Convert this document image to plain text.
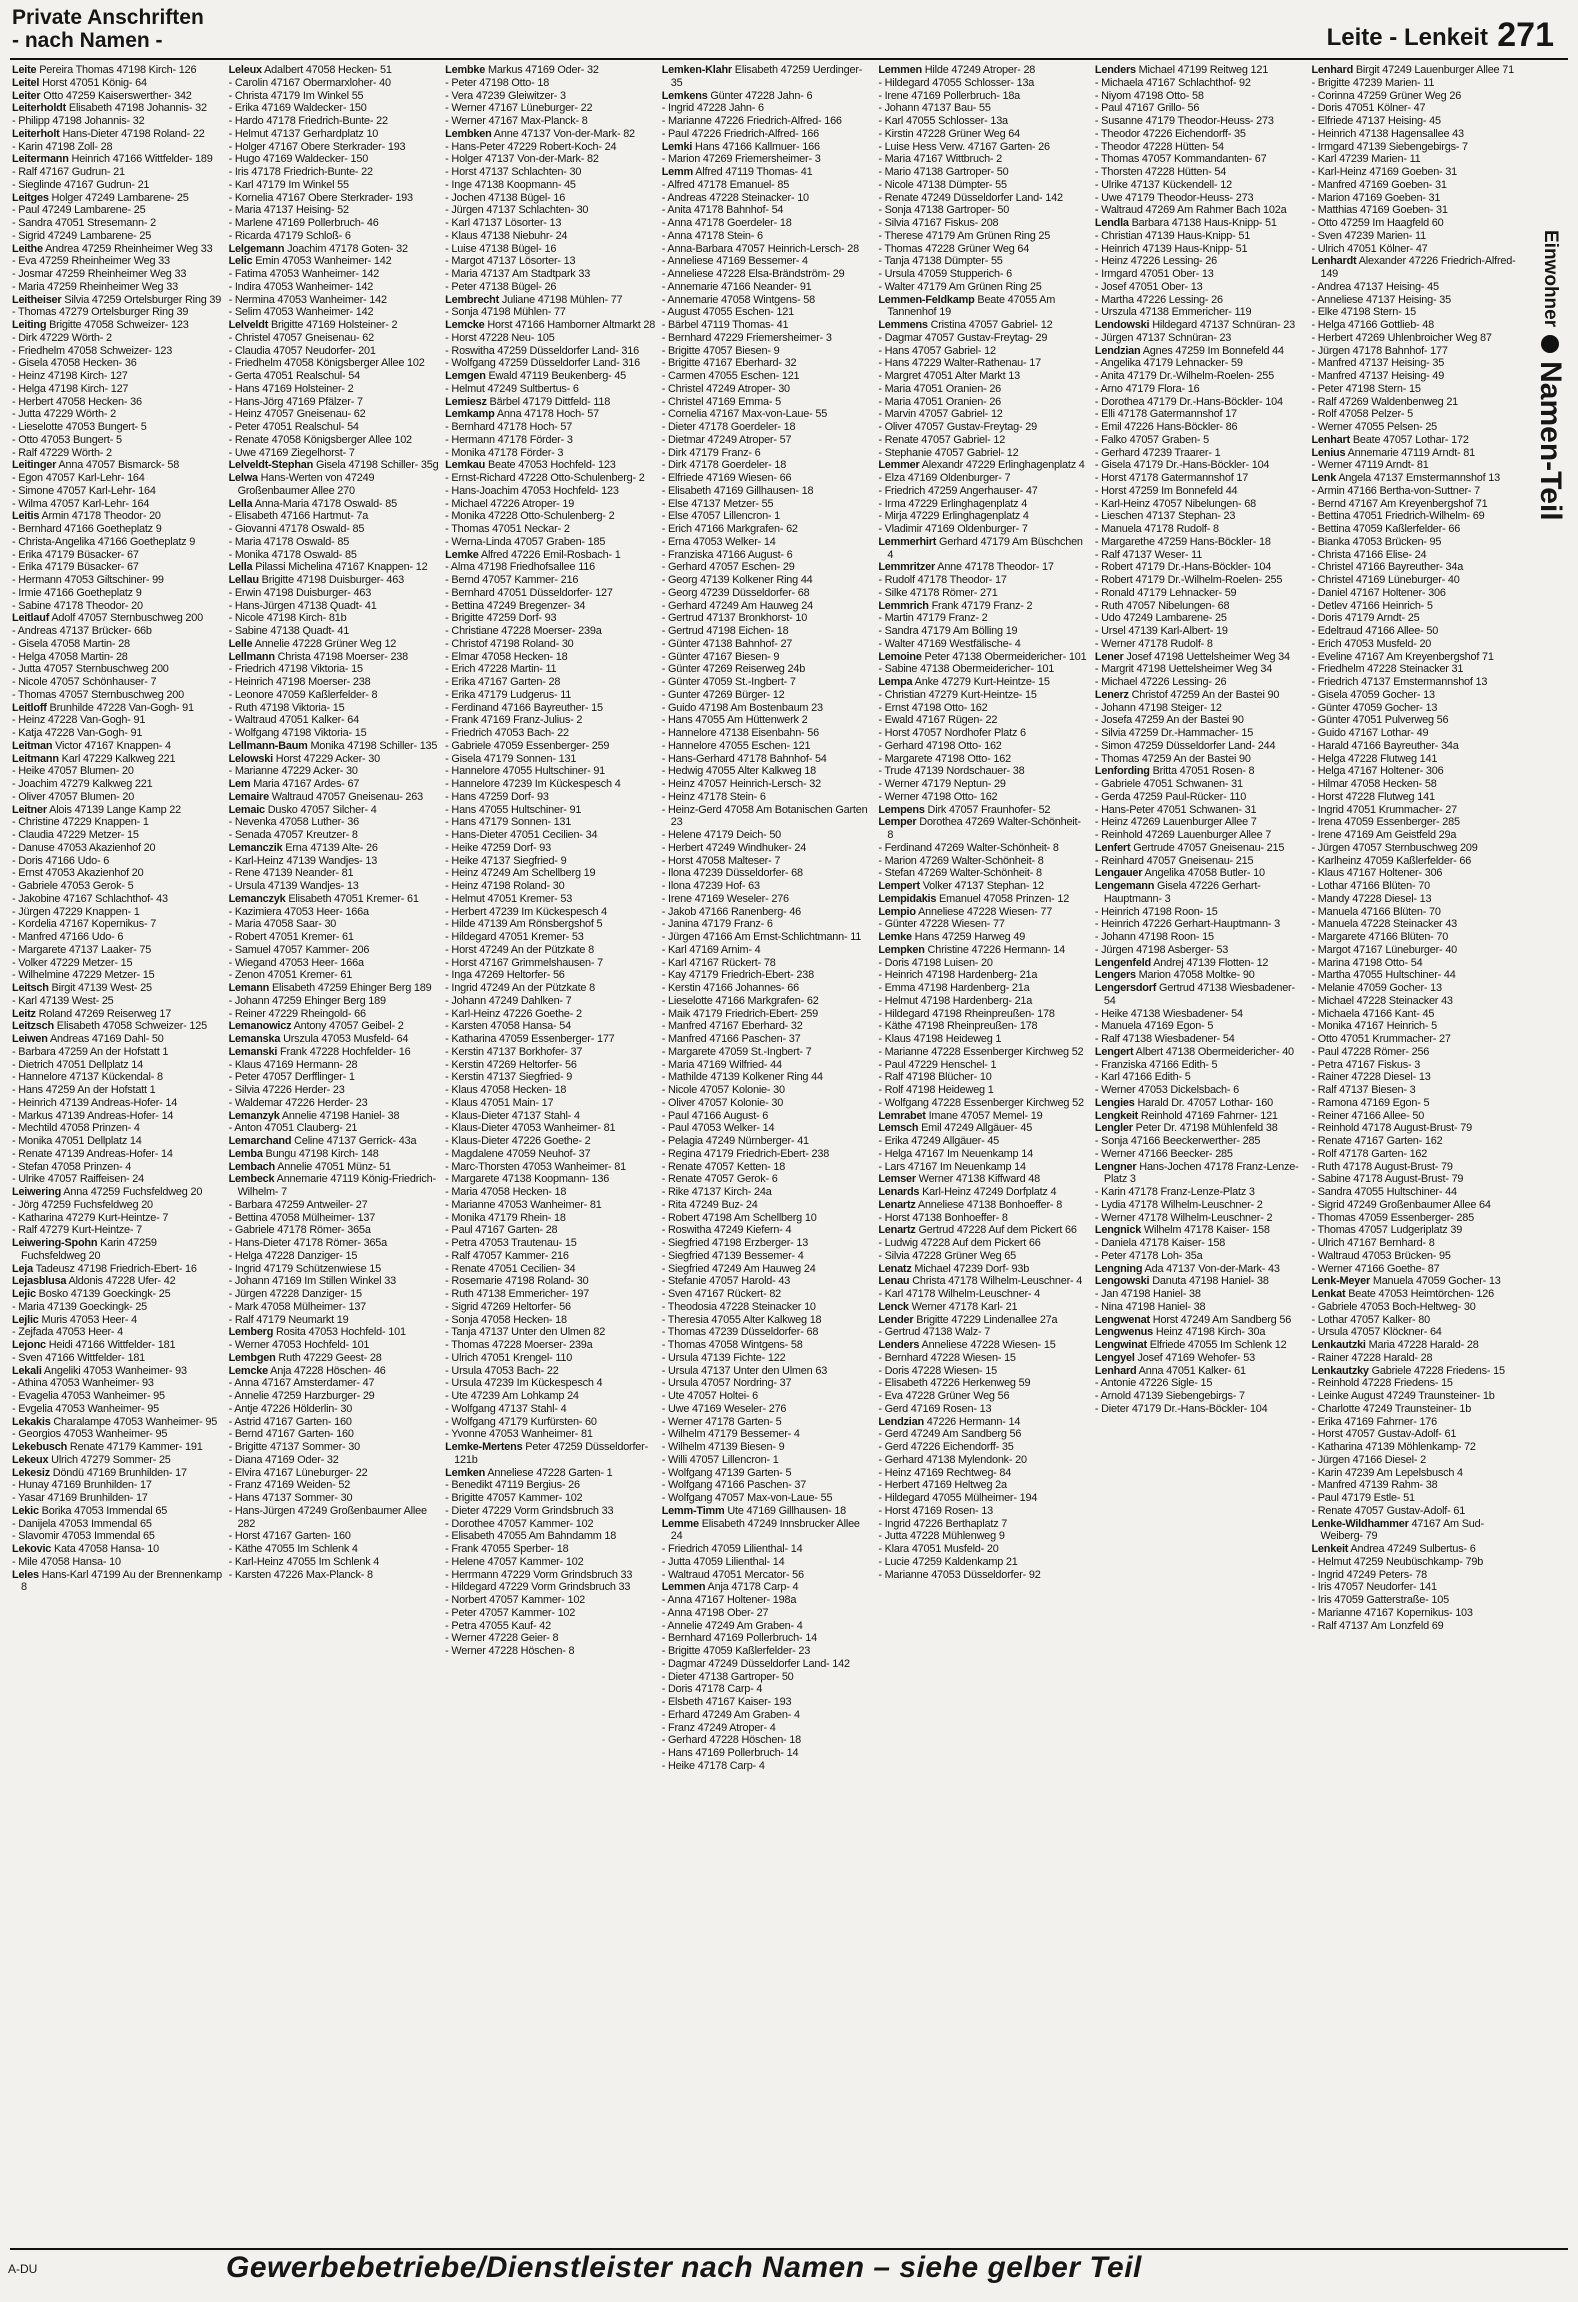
Private Anschriften
- nach Namen -	Leite - Lenkeit 271

Leite Pereira Thomas 47198 Kirch- 126

Leitel Horst 47051 König- 64

Leiter Otto 47259 Kaiserswerther- 342

Leiterholdt Elisabeth 47198 Johannis- 32

- Philipp 47198 Johannis- 32

Leiterholt Hans-Dieter 47198 Roland- 22

- Karin 47198 Zoll- 28

Leitermann Heinrich 47166 Wittfelder- 189

- Ralf 47167 Gudrun- 21

- Sieglinde 47167 Gudrun- 21

Leitges Holger 47249 Lambarene- 25

- Paul 47249 Lambarene- 25

- Sandra 47051 Stresemann- 2

- Sigrid 47249 Lambarene- 25

Leithe Andrea 47259 Rheinheimer Weg 33

- Eva 47259 Rheinheimer Weg 33

- Josmar 47259 Rheinheimer Weg 33

- Maria 47259 Rheinheimer Weg 33

Leitheiser Silvia 47259 Ortelsburger Ring 39

- Thomas 47279 Ortelsburger Ring 39

Leiting Brigitte 47058 Schweizer- 123

- Dirk 47229 Wörth- 2

- Friedhelm 47058 Schweizer- 123

- Gisela 47058 Hecken- 36

- Heinz 47198 Kirch- 127

- Helga 47198 Kirch- 127

- Herbert 47058 Hecken- 36

- Jutta 47229 Wörth- 2

- Lieselotte 47053 Bungert- 5

- Otto 47053 Bungert- 5

- Ralf 47229 Wörth- 2

Leitinger Anna 47057 Bismarck- 58

- Egon 47057 Karl-Lehr- 164

- Simone 47057 Karl-Lehr- 164

- Wilma 47057 Karl-Lehr- 164

Leitis Armin 47178 Theodor- 20

- Bernhard 47166 Goetheplatz 9

- Christa-Angelika 47166 Goetheplatz 9

- Erika 47179 Büsacker- 67

- Erika 47179 Büsacker- 67

- Hermann 47053 Giltschiner- 99

- Irmie 47166 Goetheplatz 9

- Sabine 47178 Theodor- 20

Leitlauf Adolf 47057 Sternbuschweg 200

- Andreas 47137 Brücker- 66b

- Gisela 47058 Martin- 28

- Helga 47058 Martin- 28

- Jutta 47057 Sternbuschweg 200

- Nicole 47057 Schönhauser- 7

- Thomas 47057 Sternbuschweg 200

Leitloff Brunhilde 47228 Van-Gogh- 91

- Heinz 47228 Van-Gogh- 91

- Katja 47228 Van-Gogh- 91

Leitman Victor 47167 Knappen- 4

Leitmann Karl 47229 Kalkweg 221

- Heike 47057 Blumen- 20

- Joachim 47279 Kalkweg 221

- Oliver 47057 Blumen- 20

Leitner Alois 47139 Lange Kamp 22

- Christine 47229 Knappen- 1

- Claudia 47229 Metzer- 15

- Danuse 47053 Akazienhof 20

- Doris 47166 Udo- 6

- Ernst 47053 Akazienhof 20

- Gabriele 47053 Gerok- 5

- Jakobine 47167 Schlachthof- 43

- Jürgen 47229 Knappen- 1

- Kordelia 47167 Kopernikus- 7

- Manfred 47166 Udo- 6

- Margarete 47137 Laaker- 75

- Volker 47229 Metzer- 15

- Wilhelmine 47229 Metzer- 15

Leitsch Birgit 47139 West- 25

- Karl 47139 West- 25

Leitz Roland 47269 Reiserweg 17

Leitzsch Elisabeth 47058 Schweizer- 125

Leiwen Andreas 47169 Dahl- 50

- Barbara 47259 An der Hofstatt 1

- Dietrich 47051 Dellplatz 14

- Hannelore 47137 Kückendal- 8

- Hans 47259 An der Hofstatt 1

- Heinrich 47139 Andreas-Hofer- 14

- Markus 47139 Andreas-Hofer- 14

- Mechtild 47058 Prinzen- 4

- Monika 47051 Dellplatz 14

- Renate 47139 Andreas-Hofer- 14

- Stefan 47058 Prinzen- 4

- Ulrike 47057 Raiffeisen- 24

Leiwering Anna 47259 Fuchsfeldweg 20

- Jörg 47259 Fuchsfeldweg 20

- Katharina 47279 Kurt-Heintze- 7

- Ralf 47279 Kurt-Heintze- 7

Leiwering-Spohn Karin 47259 Fuchsfeldweg 20

Leja Tadeusz 47198 Friedrich-Ebert- 16

Lejasblusa Aldonis 47228 Ufer- 42

Lejic Bosko 47139 Goeckingk- 25

- Maria 47139 Goeckingk- 25

Lejlic Muris 47053 Heer- 4

- Zejfada 47053 Heer- 4

Lejonc Heidi 47166 Wittfelder- 181

- Sven 47166 Wittfelder- 181

Lekali Angeliki 47053 Wanheimer- 93

- Athina 47053 Wanheimer- 93

- Evagelia 47053 Wanheimer- 95

- Evgelia 47053 Wanheimer- 95

Lekakis Charalampe 47053 Wanheimer- 95

- Georgios 47053 Wanheimer- 95

Lekebusch Renate 47179 Kammer- 191

Lekeux Ulrich 47279 Sommer- 25

Lekesiz Döndü 47169 Brunhilden- 17

- Hunay 47169 Brunhilden- 17

- Yasar 47169 Brunhilden- 17

Lekic Borika 47053 Immendal 65

- Danijela 47053 Immendal 65

- Slavomir 47053 Immendal 65

Lekovic Kata 47058 Hansa- 10

- Mile 47058 Hansa- 10

Leles Hans-Karl 47199 Au der Brennenkamp 8

Leleux Adalbert 47058 Hecken- 51

- Carolin 47167 Obermarxloher- 40

- Christa 47179 Im Winkel 55

- Erika 47169 Waldecker- 150

- Hardo 47178 Friedrich-Bunte- 22

- Helmut 47137 Gerhardplatz 10

- Holger 47167 Obere Sterkrader- 193

- Hugo 47169 Waldecker- 150

- Iris 47178 Friedrich-Bunte- 22

- Karl 47179 Im Winkel 55

- Kornelia 47167 Obere Sterkrader- 193

- Maria 47137 Heising- 52

- Marlene 47169 Pollerbruch- 46

- Ricarda 47179 Schloß- 6

Lelgemann Joachim 47178 Goten- 32

Lelic Emin 47053 Wanheimer- 142

- Fatima 47053 Wanheimer- 142

- Indira 47053 Wanheimer- 142

- Nermina 47053 Wanheimer- 142

- Selim 47053 Wanheimer- 142

Lelveldt Brigitte 47169 Holsteiner- 2

- Christel 47057 Gneisenau- 62

- Claudia 47057 Neudorfer- 201

- Friedhelm 47058 Königsberger Allee 102

- Gerta 47051 Realschul- 54

- Hans 47169 Holsteiner- 2

- Hans-Jörg 47169 Pfälzer- 7

- Heinz 47057 Gneisenau- 62

- Peter 47051 Realschul- 54

- Renate 47058 Königsberger Allee 102

- Uwe 47169 Ziegelhorst- 7

Lelveldt-Stephan Gisela 47198 Schiller- 35g

Lelwa Hans-Werten von 47249 Großenbaumer Allee 270

Lella Anna-Maria 47178 Oswald- 85

- Elisabeth 47166 Hartmut- 7a

- Giovanni 47178 Oswald- 85

- Maria 47178 Oswald- 85

- Monika 47178 Oswald- 85

Lella Pilassi Michelina 47167 Knappen- 12

Lellau Brigitte 47198 Duisburger- 463

- Erwin 47198 Duisburger- 463

- Hans-Jürgen 47138 Quadt- 41

- Nicole 47198 Kirch- 81b

- Sabine 47138 Quadt- 41

Lelle Annelie 47228 Grüner Weg 12

Lellmann Christa 47198 Moerser- 238

- Friedrich 47198 Viktoria- 15

- Heinrich 47198 Moerser- 238

- Leonore 47059 Kaßlerfelder- 8

- Ruth 47198 Viktoria- 15

- Waltraud 47051 Kalker- 64

- Wolfgang 47198 Viktoria- 15

Lellmann-Baum Monika 47198 Schiller- 135

Lelowski Horst 47229 Acker- 30

- Marianne 47229 Acker- 30

Lem Maria 47167 Ardes- 67

Lemaire Waltraud 47057 Gneisenau- 263

Lemaic Dusko 47057 Silcher- 4

- Nevenka 47058 Luther- 36

- Senada 47057 Kreutzer- 8

Lemanczik Erna 47139 Alte- 26

- Karl-Heinz 47139 Wandjes- 13

- Rene 47139 Neander- 81

- Ursula 47139 Wandjes- 13

Lemanczyk Elisabeth 47051 Kremer- 61

- Kazimiera 47053 Heer- 166a

- Maria 47058 Saar- 30

- Robert 47051 Kremer- 61

- Samuel 47057 Kammer- 206

- Wiegand 47053 Heer- 166a

- Zenon 47051 Kremer- 61

Lemann Elisabeth 47259 Ehinger Berg 189

- Johann 47259 Ehinger Berg 189

- Reiner 47229 Rheingold- 66

Lemanowicz Antony 47057 Geibel- 2

Lemanska Urszula 47053 Musfeld- 64

Lemanski Frank 47228 Hochfelder- 16

- Klaus 47169 Hermann- 28

- Peter 47057 Derfflinger- 1

- Silvia 47226 Herder- 23

- Waldemar 47226 Herder- 23

Lemanzyk Annelie 47198 Haniel- 38

- Anton 47051 Clauberg- 21

Lemarchand Celine 47137 Gerrick- 43a

Lemba Bungu 47198 Kirch- 148

Lembach Annelie 47051 Münz- 51

Lembeck Annemarie 47119 König-Friedrich-Wilhelm- 7

- Barbara 47259 Antweiler- 27

- Bettina 47058 Mülheimer- 137

- Gabriele 47178 Römer- 365a

- Hans-Dieter 47178 Römer- 365a

- Helga 47228 Danziger- 15

- Ingrid 47179 Schützenwiese 15

- Johann 47169 Im Stillen Winkel 33

- Jürgen 47228 Danziger- 15

- Mark 47058 Mülheimer- 137

- Ralf 47179 Neumarkt 19

Lemberg Rosita 47053 Hochfeld- 101

- Werner 47053 Hochfeld- 101

Lembgen Ruth 47229 Geest- 28

Lemcke Anja 47228 Höschen- 46

- Anna 47167 Amsterdamer- 47

- Annelie 47259 Harzburger- 29

- Antje 47226 Hölderlin- 30

- Astrid 47167 Garten- 160

- Bernd 47167 Garten- 160

- Brigitte 47137 Sommer- 30

- Diana 47169 Oder- 32

- Elvira 47167 Lüneburger- 22

- Franz 47169 Weiden- 52

- Hans 47137 Sommer- 30

- Hans-Jürgen 47249 Großenbaumer Allee 282

- Horst 47167 Garten- 160

- Käthe 47055 Im Schlenk 4

- Karl-Heinz 47055 Im Schlenk 4

- Karsten 47226 Max-Planck- 8

Lembke Markus 47169 Oder- 32

- Peter 47198 Otto- 18

- Vera 47239 Gleiwitzer- 3

- Werner 47167 Lüneburger- 22

- Werner 47167 Max-Planck- 8

Lembken Anne 47137 Von-der-Mark- 82

- Hans-Peter 47229 Robert-Koch- 24

- Holger 47137 Von-der-Mark- 82

- Horst 47137 Schlachten- 30

- Inge 47138 Koopmann- 45

- Jochen 47138 Bügel- 16

- Jürgen 47137 Schlachten- 30

- Karl 47137 Lösorter- 13

- Klaus 47138 Niebuhr- 24

- Luise 47138 Bügel- 16

- Margot 47137 Lösorter- 13

- Maria 47137 Am Stadtpark 33

- Peter 47138 Bügel- 26

Lembrecht Juliane 47198 Mühlen- 77

- Sonja 47198 Mühlen- 77

Lemcke Horst 47166 Hamborner Altmarkt 28

- Horst 47228 Neu- 105

- Roswitha 47259 Düsseldorfer Land- 316

- Wolfgang 47259 Düsseldorfer Land- 316

Lemgen Ewald 47119 Beukenberg- 45

- Helmut 47249 Sultbertus- 6

Lemiesz Bärbel 47179 Dittfeld- 118

Lemkamp Anna 47178 Hoch- 57

- Bernhard 47178 Hoch- 57

- Hermann 47178 Förder- 3

- Monika 47178 Förder- 3

Lemkau Beate 47053 Hochfeld- 123

- Ernst-Richard 47228 Otto-Schulenberg- 2

- Hans-Joachim 47053 Hochfeld- 123

- Michael 47226 Atroper- 19

- Monika 47228 Otto-Schulenberg- 2

- Thomas 47051 Neckar- 2

- Werna-Linda 47057 Graben- 185

Lemke Alfred 47226 Emil-Rosbach- 1

- Alma 47198 Friedhofsallee 116

- Bernd 47057 Kammer- 216

- Bernhard 47051 Düsseldorfer- 127

- Bettina 47249 Bregenzer- 34

- Brigitte 47259 Dorf- 93

- Christiane 47228 Moerser- 239a

- Christof 47198 Roland- 30

- Elmar 47058 Hecken- 18

- Erich 47228 Martin- 11

- Erika 47167 Garten- 28

- Erika 47179 Ludgerus- 11

- Ferdinand 47166 Bayreuther- 15

- Frank 47169 Franz-Julius- 2

- Friedrich 47053 Bach- 22

- Gabriele 47059 Essenberger- 259

- Gisela 47179 Sonnen- 131

- Hannelore 47055 Hultschiner- 91

- Hannelore 47239 Im Kückespesch 4

- Hans 47259 Dorf- 93

- Hans 47055 Hultschiner- 91

- Hans 47179 Sonnen- 131

- Hans-Dieter 47051 Cecilien- 34

- Heike 47259 Dorf- 93

- Heike 47137 Siegfried- 9

- Heinz 47249 Am Schellberg 19

- Heinz 47198 Roland- 30

- Helmut 47051 Kremer- 53

- Herbert 47239 Im Kückespesch 4

- Hilde 47139 Am Rönsbergshof 5

- Hildegard 47051 Kremer- 53

- Horst 47249 An der Pützkate 8

- Horst 47167 Grimmelshausen- 7

- Inga 47269 Heltorfer- 56

- Ingrid 47249 An der Pützkate 8

- Johann 47249 Dahlken- 7

- Karl-Heinz 47226 Goethe- 2

- Karsten 47058 Hansa- 54

- Katharina 47059 Essenberger- 177

- Kerstin 47137 Borkhofer- 37

- Kerstin 47269 Heltorfer- 56

- Kerstin 47137 Siegfried- 9

- Klaus 47058 Hecken- 18

- Klaus 47051 Main- 17

- Klaus-Dieter 47137 Stahl- 4

- Klaus-Dieter 47053 Wanheimer- 81

- Klaus-Dieter 47226 Goethe- 2

- Magdalene 47059 Neuhof- 37

- Marc-Thorsten 47053 Wanheimer- 81

- Margarete 47138 Koopmann- 136

- Maria 47058 Hecken- 18

- Marianne 47053 Wanheimer- 81

- Monika 47179 Rhein- 18

- Paul 47167 Garten- 28

- Petra 47053 Trautenau- 15

- Ralf 47057 Kammer- 216

- Renate 47051 Cecilien- 34

- Rosemarie 47198 Roland- 30

- Ruth 47138 Emmericher- 197

- Sigrid 47269 Heltorfer- 56

- Sonja 47058 Hecken- 18

- Tanja 47137 Unter den Ulmen 82

- Thomas 47228 Moerser- 239a

- Ulrich 47051 Krengel- 110

- Ursula 47053 Bach- 22

- Ursula 47239 Im Kückespesch 4

- Ute 47239 Am Lohkamp 24

- Wolfgang 47137 Stahl- 4

- Wolfgang 47179 Kurfürsten- 60

- Yvonne 47053 Wanheimer- 81

Lemke-Mertens Peter 47259 Düsseldorfer- 121b

Lemken Anneliese 47228 Garten- 1

- Benedikt 47119 Bergius- 26

- Brigitte 47057 Kammer- 102

- Dieter 47229 Vorm Grindsbruch 33

- Dorothee 47057 Kammer- 102

- Elisabeth 47055 Am Bahndamm 18

- Frank 47055 Sperber- 18

- Helene 47057 Kammer- 102

- Herrmann 47229 Vorm Grindsbruch 33

- Hildegard 47229 Vorm Grindsbruch 33

- Norbert 47057 Kammer- 102

- Peter 47057 Kammer- 102

- Petra 47055 Kauf- 42

- Werner 47228 Geier- 8

- Werner 47228 Höschen- 8

Lemken-Klahr Elisabeth 47259 Uerdinger- 35

Lemkens Günter 47228 Jahn- 6

- Ingrid 47228 Jahn- 6

- Marianne 47226 Friedrich-Alfred- 166

- Paul 47226 Friedrich-Alfred- 166

Lemki Hans 47166 Kallmuer- 166

- Marion 47269 Friemersheimer- 3

Lemm Alfred 47119 Thomas- 41

- Alfred 47178 Emanuel- 85

- Andreas 47228 Steinacker- 10

- Anita 47178 Bahnhof- 54

- Anna 47178 Goerdeler- 18

- Anna 47178 Stein- 6

- Anna-Barbara 47057 Heinrich-Lersch- 28

- Anneliese 47169 Bessemer- 4

- Anneliese 47228 Elsa-Brändström- 29

- Annemarie 47166 Neander- 91

- Annemarie 47058 Wintgens- 58

- August 47055 Eschen- 121

- Bärbel 47119 Thomas- 41

- Bernhard 47229 Friemersheimer- 3

- Brigitte 47057 Biesen- 9

- Brigitte 47167 Eberhard- 32

- Carmen 47055 Eschen- 121

- Christel 47249 Atroper- 30

- Christel 47169 Emma- 5

- Cornelia 47167 Max-von-Laue- 55

- Dieter 47178 Goerdeler- 18

- Dietmar 47249 Atroper- 57

- Dirk 47179 Franz- 6

- Dirk 47178 Goerdeler- 18

- Elfriede 47169 Wiesen- 66

- Elisabeth 47169 Gillhausen- 18

- Else 47137 Metzer- 55

- Else 47057 Lillencron- 1

- Erich 47166 Markgrafen- 62

- Erna 47053 Welker- 14

- Franziska 47166 August- 6

- Gerhard 47057 Eschen- 29

- Georg 47139 Kolkener Ring 44

- Georg 47239 Düsseldorfer- 68

- Gerhard 47249 Am Hauweg 24

- Gertrud 47137 Bronkhorst- 10

- Gertrud 47198 Eichen- 18

- Günter 47138 Bahnhof- 27

- Günter 47167 Biesen- 9

- Günter 47269 Reiserweg 24b

- Günter 47059 St.-Ingbert- 7

- Gunter 47269 Bürger- 12

- Guido 47198 Am Bostenbaum 23

- Hans 47055 Am Hüttenwerk 2

- Hannelore 47138 Eisenbahn- 56

- Hannelore 47055 Eschen- 121

- Hans-Gerhard 47178 Bahnhof- 54

- Hedwig 47055 Alter Kalkweg 18

- Heinz 47057 Heinrich-Lersch- 32

- Heinz 47178 Stein- 6

- Heinz-Gerd 47058 Am Botanischen Garten 23

- Helene 47179 Deich- 50

- Herbert 47249 Windhuker- 24

- Horst 47058 Malteser- 7

- Ilona 47239 Düsseldorfer- 68

- Ilona 47239 Hof- 63

- Irene 47169 Weseler- 276

- Jakob 47166 Ranenberg- 46

- Janina 47179 Franz- 6

- Jürgen 47166 Am Ernst-Schlichtmann- 11

- Karl 47169 Arnim- 4

- Karl 47167 Rückert- 78

- Kay 47179 Friedrich-Ebert- 238

- Kerstin 47166 Johannes- 66

- Lieselotte 47166 Markgrafen- 62

- Maik 47179 Friedrich-Ebert- 259

- Manfred 47167 Eberhard- 32

- Manfred 47166 Paschen- 37

- Margarete 47059 St.-Ingbert- 7

- Maria 47169 Wilfried- 44

- Mathilde 47139 Kolkener Ring 44

- Nicole 47057 Kolonie- 30

- Oliver 47057 Kolonie- 30

- Paul 47166 August- 6

- Paul 47053 Welker- 14

- Pelagia 47249 Nürnberger- 41

- Regina 47179 Friedrich-Ebert- 238

- Renate 47057 Ketten- 18

- Renate 47057 Gerok- 6

- Rike 47137 Kirch- 24a

- Rita 47249 Buz- 24

- Robert 47198 Am Schellberg 10

- Roswitha 47249 Kiefern- 4

- Siegfried 47198 Erzberger- 13

- Siegfried 47139 Bessemer- 4

- Siegfried 47249 Am Hauweg 24

- Stefanie 47057 Harold- 43

- Sven 47167 Rückert- 82

- Theodosia 47228 Steinacker 10

- Theresia 47055 Alter Kalkweg 18

- Thomas 47239 Düsseldorfer- 68

- Thomas 47058 Wintgens- 58

- Ursula 47139 Fichte- 122

- Ursula 47137 Unter den Ulmen 63

- Ursula 47057 Nordring- 37

- Ute 47057 Holtei- 6

- Uwe 47169 Weseler- 276

- Werner 47178 Garten- 5

- Wilhelm 47179 Bessemer- 4

- Wilhelm 47139 Biesen- 9

- Willi 47057 Lillencron- 1

- Wolfgang 47139 Garten- 5

- Wolfgang 47166 Paschen- 37

- Wolfgang 47057 Max-von-Laue- 55

Lemm-Timm Ute 47169 Gillhausen- 18

Lemme Elisabeth 47249 Innsbrucker Allee 24

- Friedrich 47059 Lilienthal- 14

- Jutta 47059 Lilienthal- 14

- Waltraud 47051 Mercator- 56

Lemmen Anja 47178 Carp- 4

- Anna 47167 Holtener- 198a

- Anna 47198 Ober- 27

- Annelie 47249 Am Graben- 4

- Bernhard 47169 Pollerbruch- 14

- Brigitte 47059 Kaßlerfelder- 23

- Dagmar 47249 Düsseldorfer Land- 142

- Dieter 47138 Gartroper- 50

- Doris 47178 Carp- 4

- Elsbeth 47167 Kaiser- 193

- Erhard 47249 Am Graben- 4

- Franz 47249 Atroper- 4

- Gerhard 47228 Höschen- 18

- Hans 47169 Pollerbruch- 14

- Heike 47178 Carp- 4

Lemmen Hilde 47249 Atroper- 28

- Hildegard 47055 Schlosser- 13a

- Irene 47169 Pollerbruch- 18a

- Johann 47137 Bau- 55

- Karl 47055 Schlosser- 13a

- Kirstin 47228 Grüner Weg 64

- Luise Hess Verw. 47167 Garten- 26

- Maria 47167 Wittbruch- 2

- Mario 47138 Gartroper- 50

- Nicole 47138 Dümpter- 55

- Renate 47249 Düsseldorfer Land- 142

- Sonja 47138 Gartroper- 50

- Silvia 47167 Fiskus- 208

- Therese 47179 Am Grünen Ring 25

- Thomas 47228 Grüner Weg 64

- Tanja 47138 Dümpter- 55

- Ursula 47059 Stupperich- 6

- Walter 47179 Am Grünen Ring 25

Lemmen-Feldkamp Beate 47055 Am Tannenhof 19

Lemmens Cristina 47057 Gabriel- 12

- Dagmar 47057 Gustav-Freytag- 29

- Hans 47057 Gabriel- 12

- Hans 47229 Walter-Rathenau- 17

- Margret 47051 Alter Markt 13

- Maria 47051 Oranien- 26

- Maria 47051 Oranien- 26

- Marvin 47057 Gabriel- 12

- Oliver 47057 Gustav-Freytag- 29

- Renate 47057 Gabriel- 12

- Stephanie 47057 Gabriel- 12

Lemmer Alexandr 47229 Erlinghagenplatz 4

- Elza 47169 Oldenburger- 7

- Friedrich 47259 Angerhauser- 47

- Irma 47229 Erlinghagenplatz 4

- Mirja 47229 Erlinghagenplatz 4

- Vladimir 47169 Oldenburger- 7

Lemmerhirt Gerhard 47179 Am Büschchen 4

Lemmritzer Anne 47178 Theodor- 17

- Rudolf 47178 Theodor- 17

- Silke 47178 Römer- 271

Lemmrich Frank 47179 Franz- 2

- Martin 47179 Franz- 2

- Sandra 47179 Am Bölling 19

- Walter 47169 Westfälische- 4

Lemoine Peter 47138 Obermeidericher- 101

- Sabine 47138 Obermeidericher- 101

Lempa Anke 47279 Kurt-Heintze- 15

- Christian 47279 Kurt-Heintze- 15

- Ernst 47198 Otto- 162

- Ewald 47167 Rügen- 22

- Horst 47057 Nordhofer Platz 6

- Gerhard 47198 Otto- 162

- Margarete 47198 Otto- 162

- Trude 47139 Nordschauer- 38

- Werner 47179 Neptun- 29

- Werner 47198 Otto- 162

Lempens Dirk 47057 Fraunhofer- 52

Lemper Dorothea 47269 Walter-Schönheit- 8

- Ferdinand 47269 Walter-Schönheit- 8

- Marion 47269 Walter-Schönheit- 8

- Stefan 47269 Walter-Schönheit- 8

Lempert Volker 47137 Stephan- 12

Lempidakis Emanuel 47058 Prinzen- 12

Lempio Anneliese 47228 Wiesen- 77

- Günter 47228 Wiesen- 77

Lemke Hans 47259 Harweg 49

Lempken Christine 47226 Hermann- 14

- Doris 47198 Luisen- 20

- Heinrich 47198 Hardenberg- 21a

- Emma 47198 Hardenberg- 21a

- Helmut 47198 Hardenberg- 21a

- Hildegard 47198 Rheinpreußen- 178

- Käthe 47198 Rheinpreußen- 178

- Klaus 47198 Heideweg 1

- Marianne 47228 Essenberger Kirchweg 52

- Paul 47229 Henschel- 1

- Ralf 47198 Blücher- 10

- Rolf 47198 Heideweg 1

- Wolfgang 47228 Essenberger Kirchweg 52

Lemrabet Imane 47057 Memel- 19

Lemsch Emil 47249 Allgäuer- 45

- Erika 47249 Allgäuer- 45

- Helga 47167 Im Neuenkamp 14

- Lars 47167 Im Neuenkamp 14

Lemser Werner 47138 Kiffward 48

Lenards Karl-Heinz 47249 Dorfplatz 4

Lenartz Anneliese 47138 Bonhoeffer- 8

- Horst 47138 Bonhoeffer- 8

Lenartz Gertrud 47228 Auf dem Pickert 66

- Ludwig 47228 Auf dem Pickert 66

- Silvia 47228 Grüner Weg 65

Lenatz Michael 47239 Dorf- 93b

Lenau Christa 47178 Wilhelm-Leuschner- 4

- Karl 47178 Wilhelm-Leuschner- 4

Lenck Werner 47178 Karl- 21

Lender Brigitte 47229 Lindenallee 27a

- Gertrud 47138 Walz- 7

Lenders Anneliese 47228 Wiesen- 15

- Bernhard 47228 Wiesen- 15

- Doris 47228 Wiesen- 15

- Elisabeth 47226 Herkenweg 59

- Eva 47228 Grüner Weg 56

- Gerd 47169 Rosen- 13

Lendzian 47226 Hermann- 14

- Gerd 47249 Am Sandberg 56

- Gerd 47226 Eichendorff- 35

- Gerhard 47138 Mylendonk- 20

- Heinz 47169 Rechtweg- 84

- Herbert 47169 Heltweg 2a

- Hildegard 47055 Mülheimer- 194

- Horst 47169 Rosen- 13

- Ingrid 47226 Berthaplatz 7

- Jutta 47228 Mühlenweg 9

- Klara 47051 Musfeld- 20

- Lucie 47259 Kaldenkamp 21

- Marianne 47053 Düsseldorfer- 92

Lenders Michael 47199 Reitweg 121

- Michaela 47167 Schlachthof- 92

- Niyom 47198 Otto- 58

- Paul 47167 Grillo- 56

- Susanne 47179 Theodor-Heuss- 273

- Theodor 47226 Eichendorff- 35

- Theodor 47228 Hütten- 54

- Thomas 47057 Kommandanten- 67

- Thorsten 47228 Hütten- 54

- Ulrike 47137 Kückendell- 12

- Uwe 47179 Theodor-Heuss- 273

- Waltraud 47269 Am Rahmer Bach 102a

Lendla Barbara 47138 Haus-Knipp- 51

- Christian 47139 Haus-Knipp- 51

- Heinrich 47139 Haus-Knipp- 51

- Heinz 47226 Lessing- 26

- Irmgard 47051 Ober- 13

- Josef 47051 Ober- 13

- Martha 47226 Lessing- 26

- Urszula 47138 Emmericher- 119

Lendowski Hildegard 47137 Schnüran- 23

- Jürgen 47137 Schnüran- 23

Lendzian Agnes 47259 Im Bonnefeld 44

- Angelika 47179 Lehnacker- 59

- Anita 47179 Dr.-Wilhelm-Roelen- 255

- Arno 47179 Flora- 16

- Dorothea 47179 Dr.-Hans-Böckler- 104

- Elli 47178 Gatermannshof 17

- Emil 47226 Hans-Böckler- 86

- Falko 47057 Graben- 5

- Gerhard 47239 Traarer- 1

- Gisela 47179 Dr.-Hans-Böckler- 104

- Horst 47178 Gatermannshof 17

- Horst 47259 Im Bonnefeld 44

- Karl-Heinz 47057 Nibelungen- 68

- Lieschen 47137 Stephan- 23

- Manuela 47178 Rudolf- 8

- Margarethe 47259 Hans-Böckler- 18

- Ralf 47137 Weser- 11

- Robert 47179 Dr.-Hans-Böckler- 104

- Robert 47179 Dr.-Wilhelm-Roelen- 255

- Ronald 47179 Lehnacker- 59

- Ruth 47057 Nibelungen- 68

- Udo 47249 Lambarene- 25

- Ursel 47139 Karl-Albert- 19

- Werner 47178 Rudolf- 8

Lener Josef 47198 Uettelsheimer Weg 34

- Margrit 47198 Uettelsheimer Weg 34

- Michael 47226 Lessing- 26

Lenerz Christof 47259 An der Bastei 90

- Johann 47198 Steiger- 12

- Josefa 47259 An der Bastei 90

- Silvia 47259 Dr.-Hammacher- 15

- Simon 47259 Düsseldorfer Land- 244

- Thomas 47259 An der Bastei 90

Lenfording Britta 47051 Rosen- 8

- Gabriele 47051 Schwanen- 31

- Gerda 47259 Paul-Rücker- 110

- Hans-Peter 47051 Schwanen- 31

- Heinz 47269 Lauenburger Allee 7

- Reinhold 47269 Lauenburger Allee 7

Lenfert Gertrude 47057 Gneisenau- 215

- Reinhard 47057 Gneisenau- 215

Lengauer Angelika 47058 Butler- 10

Lengemann Gisela 47226 Gerhart-Hauptmann- 3

- Heinrich 47198 Roon- 15

- Heinrich 47226 Gerhart-Hauptmann- 3

- Johann 47198 Roon- 15

- Jürgen 47198 Asberger- 53

Lengenfeld Andrej 47139 Flotten- 12

Lengers Marion 47058 Moltke- 90

Lengersdorf Gertrud 47138 Wiesbadener- 54

- Heike 47138 Wiesbadener- 54

- Manuela 47169 Egon- 5

- Ralf 47138 Wiesbadener- 54

Lengert Albert 47138 Obermeidericher- 40

- Franziska 47166 Edith- 5

- Karl 47166 Edith- 5

- Werner 47053 Dickelsbach- 6

Lengies Harald Dr. 47057 Lothar- 160

Lengkeit Reinhold 47169 Fahrner- 121

Lengler Peter Dr. 47198 Mühlenfeld 38

- Sonja 47166 Beeckerwerther- 285

- Werner 47166 Beecker- 285

Lengner Hans-Jochen 47178 Franz-Lenze-Platz 3

- Karin 47178 Franz-Lenze-Platz 3

- Lydia 47178 Wilhelm-Leuschner- 2

- Werner 47178 Wilhelm-Leuschner- 2

Lengnick Wilhelm 47178 Kaiser- 158

- Daniela 47178 Kaiser- 158

- Peter 47178 Loh- 35a

Lengning Ada 47137 Von-der-Mark- 43

Lengowski Danuta 47198 Haniel- 38

- Jan 47198 Haniel- 38

- Nina 47198 Haniel- 38

Lengwenat Horst 47249 Am Sandberg 56

Lengwenus Heinz 47198 Kirch- 30a

Lengwinat Elfriede 47055 Im Schlenk 12

Lengyel Josef 47169 Wehofer- 53

Lenhard Anna 47051 Kalker- 61

- Antonie 47226 Sigle- 15

- Arnold 47139 Siebengebirgs- 7

- Dieter 47179 Dr.-Hans-Böckler- 104

Lenhard Birgit 47249 Lauenburger Allee 71

- Brigitte 47239 Marien- 11

- Corinna 47259 Grüner Weg 26

- Doris 47051 Kölner- 47

- Elfriede 47137 Heising- 45

- Heinrich 47138 Hagensallee 43

- Irmgard 47139 Siebengebirgs- 7

- Karl 47239 Marien- 11

- Karl-Heinz 47169 Goeben- 31

- Manfred 47169 Goeben- 31

- Marion 47169 Goeben- 31

- Matthias 47169 Goeben- 31

- Otto 47259 Im Haagfeld 60

- Sven 47239 Marien- 11

- Ulrich 47051 Kölner- 47

Lenhardt Alexander 47226 Friedrich-Alfred- 149

- Andrea 47137 Heising- 45

- Anneliese 47137 Heising- 35

- Elke 47198 Stern- 15

- Helga 47166 Gottlieb- 48

- Herbert 47269 Uhlenbroicher Weg 87

- Jürgen 47178 Bahnhof- 177

- Manfred 47137 Heising- 35

- Manfred 47137 Heising- 49

- Peter 47198 Stern- 15

- Ralf 47269 Waldenbenweg 21

- Rolf 47058 Pelzer- 5

- Werner 47055 Pelsen- 25

Lenhart Beate 47057 Lothar- 172

Lenius Annemarie 47119 Arndt- 81

- Werner 47119 Arndt- 81

Lenk Angela 47137 Emstermannshof 13

- Armin 47166 Bertha-von-Suttner- 7

- Bernd 47167 Am Kreyenbergshof 71

- Bettina 47051 Friedrich-Wilhelm- 69

- Bettina 47059 Kaßlerfelder- 66

- Bianka 47053 Brücken- 95

- Christa 47166 Elise- 24

- Christel 47166 Bayreuther- 34a

- Christel 47169 Lüneburger- 40

- Daniel 47167 Holtener- 306

- Detlev 47166 Heinrich- 5

- Doris 47179 Arndt- 25

- Edeltraud 47166 Allee- 50

- Erich 47053 Musfeld- 20

- Eveline 47167 Am Kreyenbergshof 71

- Friedhelm 47228 Steinacker 31

- Friedrich 47137 Emstermannshof 13

- Gisela 47059 Gocher- 13

- Günter 47059 Gocher- 13

- Günter 47051 Pulverweg 56

- Guido 47167 Lothar- 49

- Harald 47166 Bayreuther- 34a

- Helga 47228 Flutweg 141

- Helga 47167 Holtener- 306

- Hilmar 47058 Hecken- 58

- Horst 47228 Flutweg 141

- Ingrid 47051 Krummacher- 27

- Irena 47059 Essenberger- 285

- Irene 47169 Am Geistfeld 29a

- Jürgen 47057 Sternbuschweg 209

- Karlheinz 47059 Kaßlerfelder- 66

- Klaus 47167 Holtener- 306

- Lothar 47166 Blüten- 70

- Mandy 47228 Diesel- 13

- Manuela 47166 Blüten- 70

- Manuela 47228 Steinacker 43

- Margarete 47166 Blüten- 70

- Margot 47167 Lüneburger- 40

- Marina 47198 Otto- 54

- Martha 47055 Hultschiner- 44

- Melanie 47059 Gocher- 13

- Michael 47228 Steinacker 43

- Michaela 47166 Kant- 45

- Monika 47167 Heinrich- 5

- Otto 47051 Krummacher- 27

- Paul 47228 Römer- 256

- Petra 47167 Fiskus- 3

- Rainer 47228 Diesel- 13

- Ralf 47137 Biesen- 3

- Ramona 47169 Egon- 5

- Reiner 47166 Allee- 50

- Reinhold 47178 August-Brust- 79

- Renate 47167 Garten- 162

- Rolf 47178 Garten- 162

- Ruth 47178 August-Brust- 79

- Sabine 47178 August-Brust- 79

- Sandra 47055 Hultschiner- 44

- Sigrid 47249 Großenbaumer Allee 64

- Thomas 47059 Essenberger- 285

- Thomas 47057 Ludgeriplatz 39

- Ulrich 47167 Bernhard- 8

- Waltraud 47053 Brücken- 95

- Werner 47166 Goethe- 87

Lenk-Meyer Manuela 47059 Gocher- 13

Lenkat Beate 47053 Heimtörchen- 126

- Gabriele 47053 Boch-Heltweg- 30

- Lothar 47057 Kalker- 80

- Ursula 47057 Klöckner- 64

Lenkautzki Maria 47228 Harald- 28

- Rainer 47228 Harald- 28

Lenkautzky Gabriele 47228 Friedens- 15

- Reinhold 47228 Friedens- 15

- Leinke August 47249 Traunsteiner- 1b

- Charlotte 47249 Traunsteiner- 1b

- Erika 47169 Fahrner- 176

- Horst 47057 Gustav-Adolf- 61

- Katharina 47139 Möhlenkamp- 72

- Jürgen 47166 Diesel- 2

- Karin 47239 Am Lepelsbusch 4

- Manfred 47139 Rahm- 38

- Paul 47179 Estle- 51

- Renate 47057 Gustav-Adolf- 61

Lenke-Wildhammer 47167 Am Sud-Weiberg- 79

Lenkeit Andrea 47249 Sulbertus- 6

- Helmut 47259 Neubüschkamp- 79b

- Ingrid 47249 Peters- 78

- Iris 47057 Neudorfer- 141

- Iris 47059 Gatterstraße- 105

- Marianne 47167 Kopernikus- 103

- Ralf 47137 Am Lonzfeld 69

Einwohner
Namen-Teil
A-DU	Gewerbebetriebe/Dienstleister nach Namen – siehe gelber Teil
